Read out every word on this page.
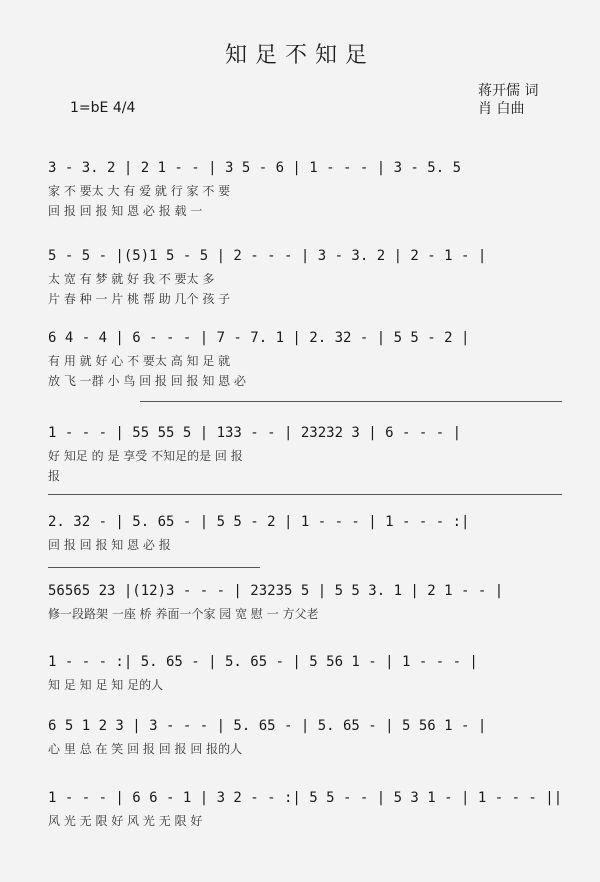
知足不知足
蒋开儒 词
肖 白曲
1=bE 4/4
3 - 3. 2 | 2 1 - - | 3 5 - 6 | 1 - - - | 3 - 5. 5
家 不 要太 大 有 爱 就 行 家 不 要
回 报 回 报 知 恩 必 报 载 一
5 - 5 - |(5)1 5 - 5 | 2 - - - | 3 - 3. 2 | 2 - 1 - |
太 宽 有 梦 就 好 我 不 要太 多
片 春 种 一 片 桃 帮 助 几个 孩 子
6 4 - 4 | 6 - - - | 7 - 7. 1 | 2. 32 - | 5 5 - 2 |
有 用 就 好 心 不 要太 高 知 足 就
放 飞 一群 小 鸟 回 报 回 报 知 恩 必
1 - - - | 55 55 5 | 133 - - | 23232 3 | 6 - - - |
好 知足 的 是 享受 不知足的是 回 报
报
2. 32 - | 5. 65 - | 5 5 - 2 | 1 - - - | 1 - - - :|
回 报 回 报 知 恩 必 报
56565 23 |(12)3 - - - | 23235 5 | 5 5 3. 1 | 2 1 - - |
修一段路架 一座 桥 养面一个家 园 宽 慰 一 方父老
1 - - - :| 5. 65 - | 5. 65 - | 5 56 1 - | 1 - - - |
知 足 知 足 知 足的人
6 5 1 2 3 | 3 - - - | 5. 65 - | 5. 65 - | 5 56 1 - |
心 里 总 在 笑 回 报 回 报 回 报的人
1 - - - | 6 6 - 1 | 3 2 - - :| 5 5 - - | 5 3 1 - | 1 - - - ||
风 光 无 限 好 风 光 无 限 好
